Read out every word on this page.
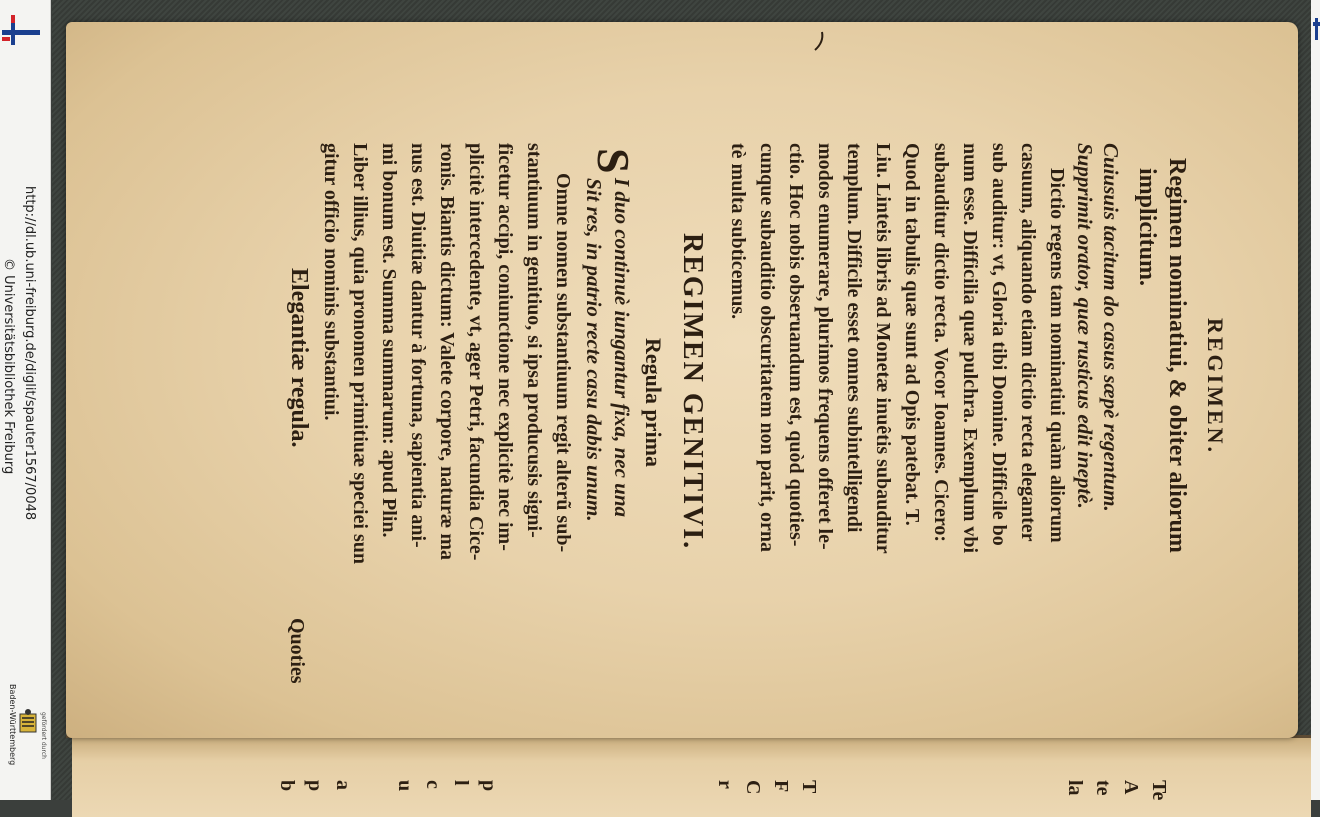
http://dl.ub.uni-freiburg.de/diglit/spauter1567/0048
© Universitätsbibliothek Freiburg
Baden-Württemberg	gefördert durch
REGIMEN.
Regimen nominatiui, & obiter aliorum
implicitum.
Cuiusuis tacitum do casus sæpè regentum.
Supprimit orator, quæ rusticus edit ineptè.
Dictio regens tam nominatiui quàm aliorum
casuum, aliquando etiam dictio recta eleganter
sub auditur: vt, Gloria tibi Domine. Difficile bo
num esse. Difficilia quæ pulchra. Exemplum vbi
subauditur dictio recta. Vocor Ioannes. Cicero:
Quod in tabulis quæ sunt ad Opis patebat. T.
Liu. Linteis libris ad Monetæ inuêtis subauditur
templum. Difficile esset omnes subintelligendi
modos enumerare, plurimos frequens offeret le-
ctio. Hoc nobis obseruandum est, quòd quoties-
cunque subauditio obscuritatem non parit, orna
tè multa subticemus.
REGIMEN GENITIVI.
Regula prima
S
I duo continuè iungantur fixa, nec una
Sit res, in patrio recte casu dabis unum.
Omne nomen substantiuum regit alterũ sub-
stantiuum in genitiuo, si ipsa producusis signi-
ficetur accipi, coniunctione nec explicitè nec im-
plicitè intercedente, vt, ager Petri, facundia Cice-
ronis. Biantis dictum: Valete corpore, naturæ ma
nus est. Diuitiæ dantur à fortuna, sapientia ani-
mi bonum est. Summa summarum: apud Plin.
Liber illius, quia pronomen primitiuæ speciei sun
gitur officio nominis substantiui.
Elegantiæ regula.
Quoties
Te
A
te
la
T
F
C
r
p
l
c
u
a
p
b
